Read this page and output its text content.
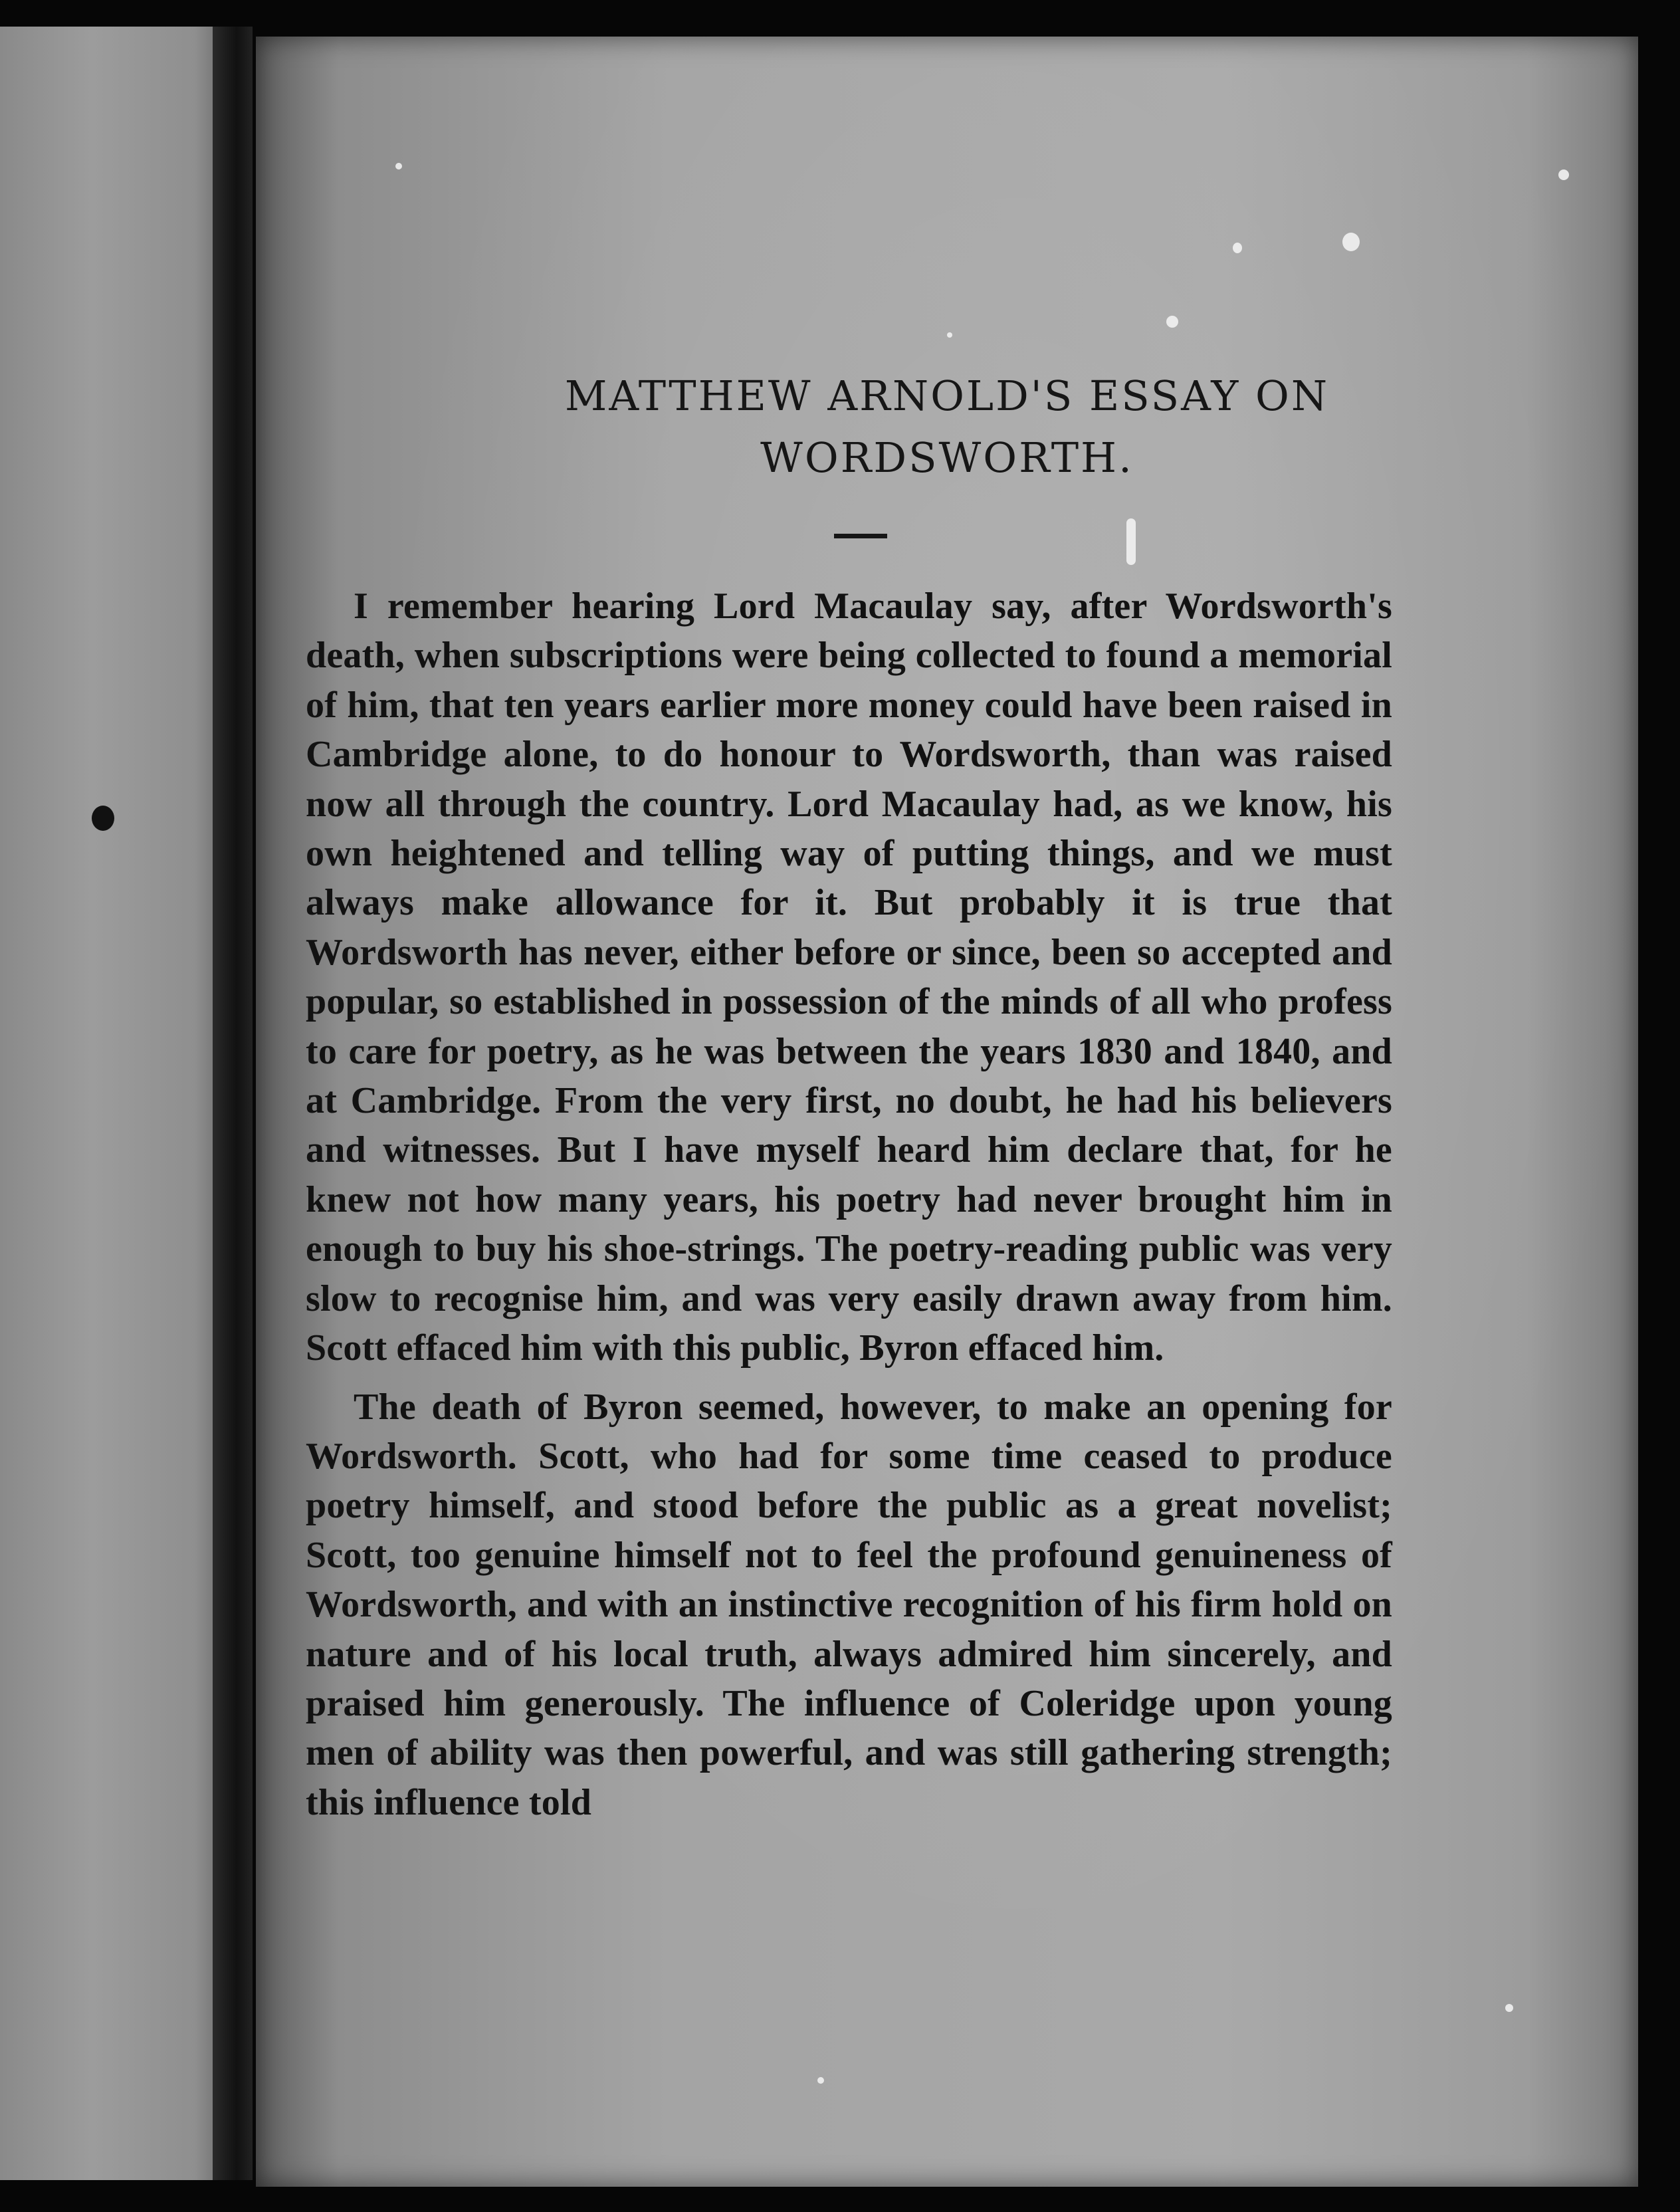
MATTHEW ARNOLD'S ESSAY ON
WORDSWORTH.

I remember hearing Lord Macaulay say, after Wordsworth's death, when subscriptions were being collected to found a memorial of him, that ten years earlier more money could have been raised in Cambridge alone, to do honour to Wordsworth, than was raised now all through the country. Lord Macaulay had, as we know, his own heightened and telling way of putting things, and we must always make allowance for it. But probably it is true that Wordsworth has never, either before or since, been so accepted and popular, so established in possession of the minds of all who profess to care for poetry, as he was between the years 1830 and 1840, and at Cambridge. From the very first, no doubt, he had his believers and witnesses. But I have myself heard him declare that, for he knew not how many years, his poetry had never brought him in enough to buy his shoe-strings. The poetry-reading public was very slow to recognise him, and was very easily drawn away from him. Scott effaced him with this public, Byron effaced him.

The death of Byron seemed, however, to make an opening for Wordsworth. Scott, who had for some time ceased to produce poetry himself, and stood before the public as a great novelist; Scott, too genuine himself not to feel the profound genuineness of Wordsworth, and with an instinctive recognition of his firm hold on nature and of his local truth, always admired him sincerely, and praised him generously. The influence of Coleridge upon young men of ability was then powerful, and was still gathering strength; this influence told
